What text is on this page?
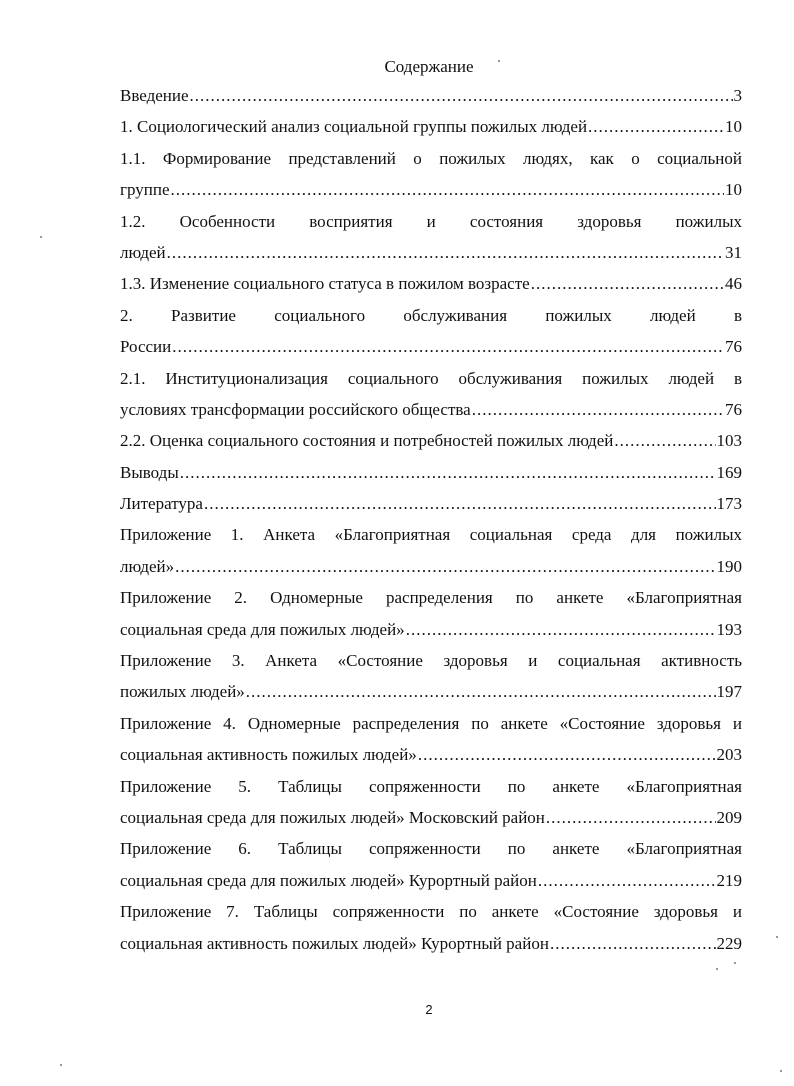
Содержание
Введение .....	3
1. Социологический анализ социальной группы пожилых людей .....	10
1.1. Формирование представлений о пожилых людях, как о социальной
группе .....	10
1.2. Особенности восприятия и состояния здоровья пожилых
людей .....	31
1.3. Изменение социального статуса в пожилом возрасте .....	46
2. Развитие социального обслуживания пожилых людей в
России .....	76
2.1. Институционализация социального обслуживания пожилых людей в
условиях трансформации российского общества .....	76
2.2. Оценка социального состояния и потребностей пожилых людей .....	103
Выводы .....	169
Литература .....	173
Приложение 1. Анкета «Благоприятная социальная среда для пожилых
людей» .....	190
Приложение 2. Одномерные распределения по анкете «Благоприятная
социальная среда для пожилых людей» .....	193
Приложение 3. Анкета «Состояние здоровья и социальная активность
пожилых людей» .....	197
Приложение 4. Одномерные распределения по анкете «Состояние здоровья и
социальная активность пожилых людей» .....	203
Приложение 5. Таблицы сопряженности по анкете «Благоприятная
социальная среда для пожилых людей» Московский район .....	209
Приложение 6. Таблицы сопряженности по анкете «Благоприятная
социальная среда для пожилых людей» Курортный район .....	219
Приложение 7. Таблицы сопряженности по анкете «Состояние здоровья и
социальная активность пожилых людей» Курортный район .....	229
2
